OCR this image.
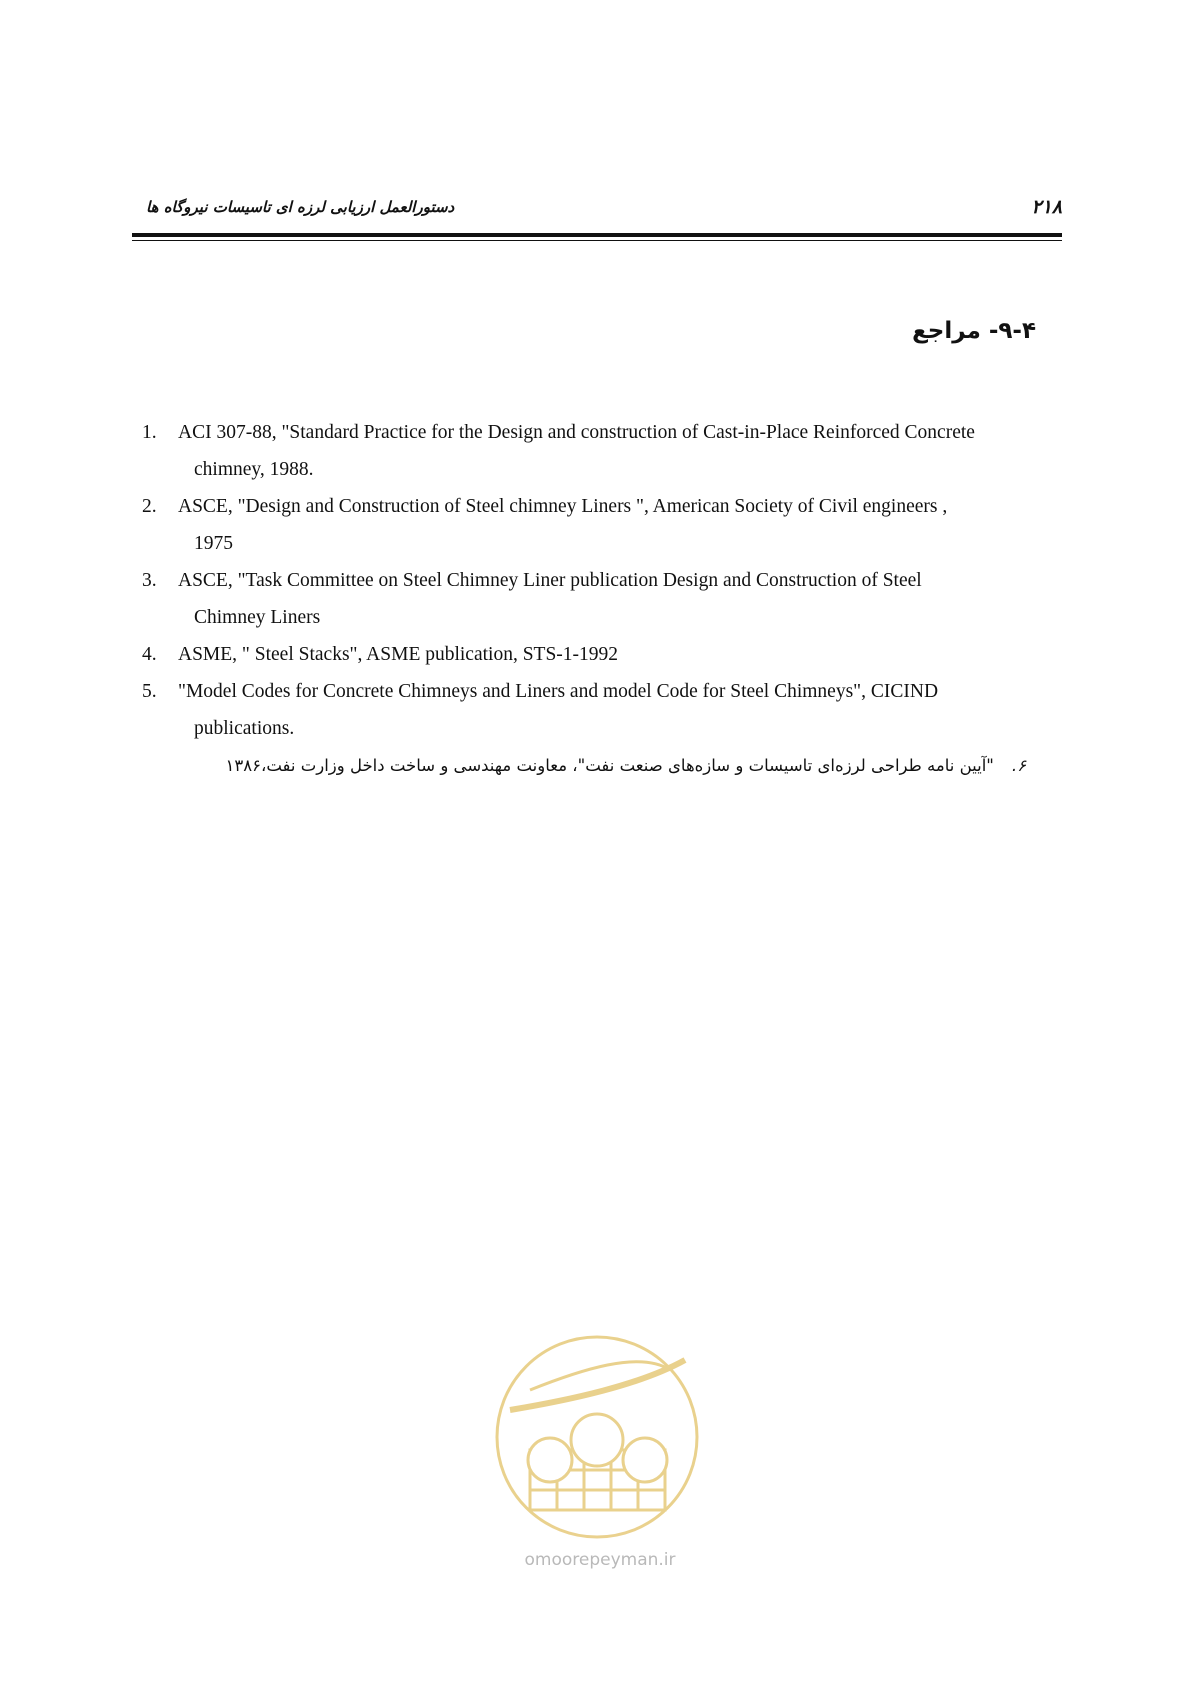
۲۱۸
دستورالعمل ارزیابی لرزه ای تاسیسات نیروگاه ها
۹-۴- مراجع
1.	ACI 307-88, "Standard Practice for the Design and construction of Cast-in-Place Reinforced Concrete
chimney, 1988.
2.	ASCE, "Design and Construction of Steel chimney Liners ", American Society of Civil engineers ,
1975
3.	ASCE, "Task Committee on Steel Chimney Liner publication Design and Construction of Steel
Chimney Liners
4.	ASME, " Steel Stacks", ASME publication, STS-1-1992
5.	"Model Codes for Concrete Chimneys and Liners and model Code for Steel Chimneys", CICIND
publications.
۶.
"آیین نامه طراحی لرزه‌ای تاسیسات و سازه‌های صنعت نفت"، معاونت مهندسی و ساخت داخل وزارت نفت،۱۳۸۶
omoorepeyman.ir
